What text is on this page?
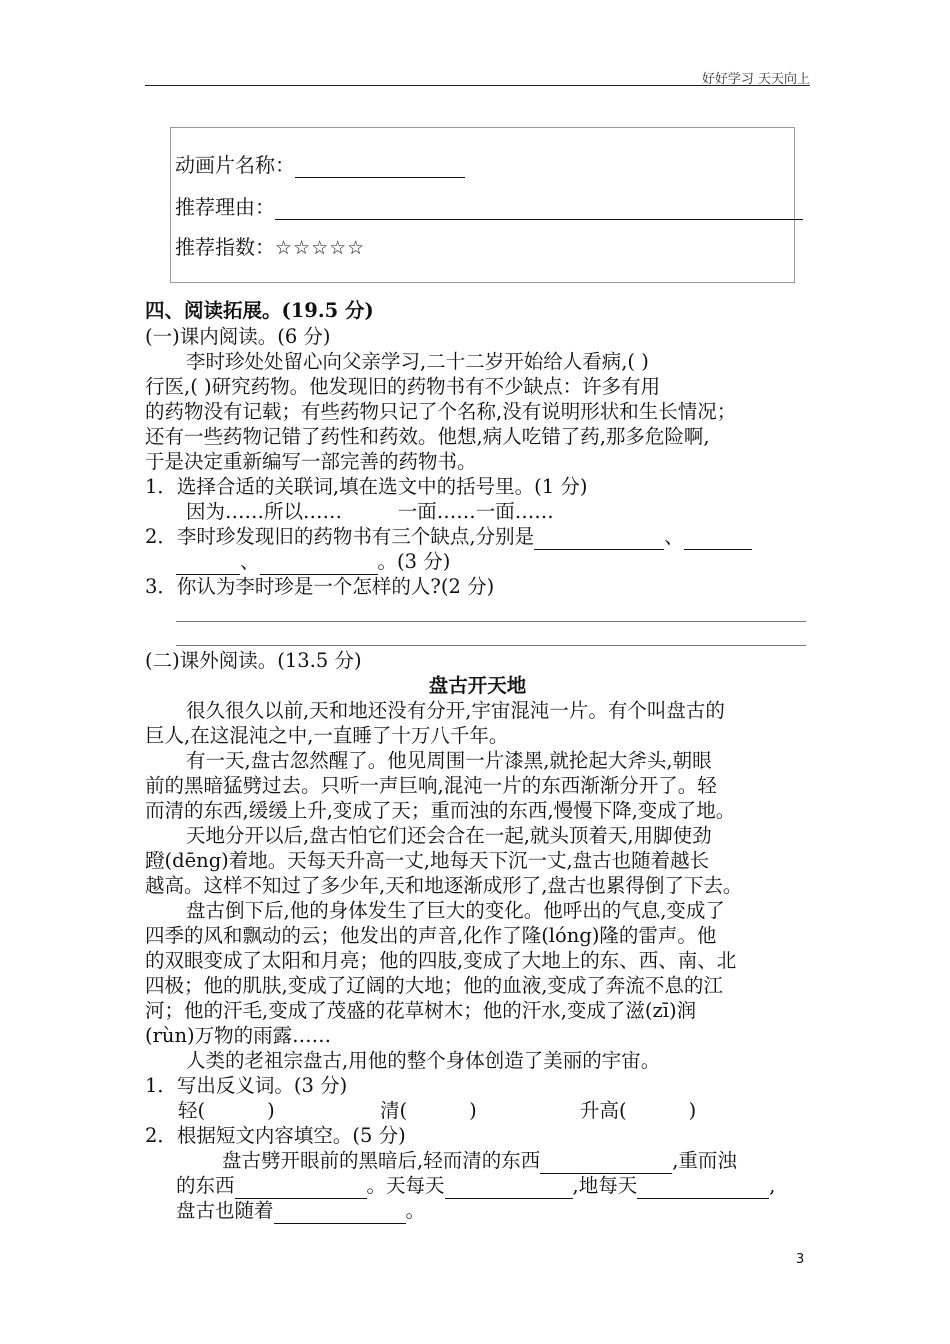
好好学习 天天向上
动画片名称：
推荐理由：
推荐指数：☆☆☆☆☆
四、阅读拓展。(19.5 分)
(一)课内阅读。(6 分)
李时珍处处留心向父亲学习,二十二岁开始给人看病,( )
行医,( )研究药物。他发现旧的药物书有不少缺点：许多有用
的药物没有记载；有些药物只记了个名称,没有说明形状和生长情况；
还有一些药物记错了药性和药效。他想,病人吃错了药,那多危险啊,
于是决定重新编写一部完善的药物书。
1．选择合适的关联词,填在选文中的括号里。(1 分)
因为……所以……         一面……一面……
2．李时珍发现旧的药物书有三个缺点,分别是	、
、	。(3 分)
3．你认为李时珍是一个怎样的人?(2 分)
(二)课外阅读。(13.5 分)
盘古开天地
很久很久以前,天和地还没有分开,宇宙混沌一片。有个叫盘古的
巨人,在这混沌之中,一直睡了十万八千年。
有一天,盘古忽然醒了。他见周围一片漆黑,就抡起大斧头,朝眼
前的黑暗猛劈过去。只听一声巨响,混沌一片的东西渐渐分开了。轻
而清的东西,缓缓上升,变成了天；重而浊的东西,慢慢下降,变成了地。
天地分开以后,盘古怕它们还会合在一起,就头顶着天,用脚使劲
蹬(dēng)着地。天每天升高一丈,地每天下沉一丈,盘古也随着越长
越高。这样不知过了多少年,天和地逐渐成形了,盘古也累得倒了下去。
盘古倒下后,他的身体发生了巨大的变化。他呼出的气息,变成了
四季的风和飘动的云；他发出的声音,化作了隆(lóng)隆的雷声。他
的双眼变成了太阳和月亮；他的四肢,变成了大地上的东、西、南、北
四极；他的肌肤,变成了辽阔的大地；他的血液,变成了奔流不息的江
河；他的汗毛,变成了茂盛的花草树木；他的汗水,变成了滋(zī)润
(rùn)万物的雨露……
人类的老祖宗盘古,用他的整个身体创造了美丽的宇宙。
1．写出反义词。(3 分)
轻(          )	清(          )	升高(          )
2．根据短文内容填空。(5 分)
盘古劈开眼前的黑暗后,轻而清的东西	,重而浊
的东西	。天每天	,地每天	,
盘古也随着	。
3
